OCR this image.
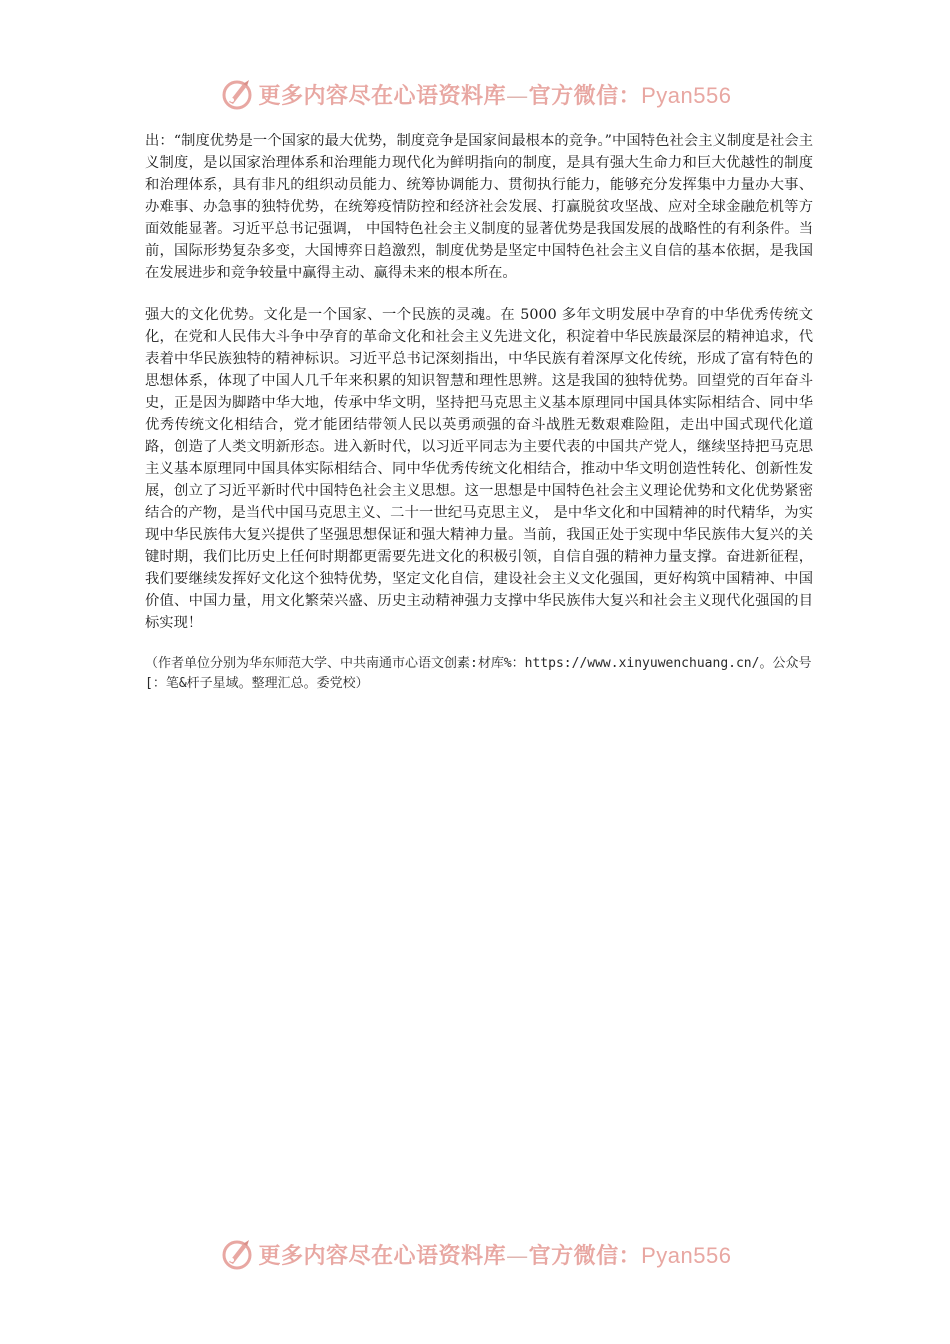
更多内容尽在心语资料库—官方微信：Pyan556

出：“制度优势是一个国家的最大优势，制度竞争是国家间最根本的竞争。”中国特色社会主义制度是社会主义制度，是以国家治理体系和治理能力现代化为鲜明指向的制度，是具有强大生命力和巨大优越性的制度和治理体系，具有非凡的组织动员能力、统筹协调能力、贯彻执行能力，能够充分发挥集中力量办大事、办难事、办急事的独特优势，在统筹疫情防控和经济社会发展、打赢脱贫攻坚战、应对全球金融危机等方面效能显著。习近平总书记强调， 中国特色社会主义制度的显著优势是我国发展的战略性的有利条件。当前，国际形势复杂多变，大国博弈日趋激烈，制度优势是坚定中国特色社会主义自信的基本依据，是我国在发展进步和竞争较量中赢得主动、赢得未来的根本所在。

强大的文化优势。文化是一个国家、一个民族的灵魂。在 5000 多年文明发展中孕育的中华优秀传统文化，在党和人民伟大斗争中孕育的革命文化和社会主义先进文化，积淀着中华民族最深层的精神追求，代表着中华民族独特的精神标识。习近平总书记深刻指出，中华民族有着深厚文化传统，形成了富有特色的思想体系，体现了中国人几千年来积累的知识智慧和理性思辨。这是我国的独特优势。回望党的百年奋斗史，正是因为脚踏中华大地，传承中华文明，坚持把马克思主义基本原理同中国具体实际相结合、同中华优秀传统文化相结合，党才能团结带领人民以英勇顽强的奋斗战胜无数艰难险阻，走出中国式现代化道路，创造了人类文明新形态。进入新时代，以习近平同志为主要代表的中国共产党人，继续坚持把马克思主义基本原理同中国具体实际相结合、同中华优秀传统文化相结合，推动中华文明创造性转化、创新性发展，创立了习近平新时代中国特色社会主义思想。这一思想是中国特色社会主义理论优势和文化优势紧密结合的产物，是当代中国马克思主义、二十一世纪马克思主义， 是中华文化和中国精神的时代精华，为实现中华民族伟大复兴提供了坚强思想保证和强大精神力量。当前，我国正处于实现中华民族伟大复兴的关键时期，我们比历史上任何时期都更需要先进文化的积极引领，自信自强的精神力量支撑。奋进新征程，我们要继续发挥好文化这个独特优势，坚定文化自信，建设社会主义文化强国，更好构筑中国精神、中国价值、中国力量，用文化繁荣兴盛、历史主动精神强力支撑中华民族伟大复兴和社会主义现代化强国的目标实现！

（作者单位分别为华东师范大学、中共南通市心语文创素:材库%：https://www.xinyuwenchuang.cn/。公众号[：笔&杆子星域。整理汇总。委党校）

更多内容尽在心语资料库—官方微信：Pyan556
